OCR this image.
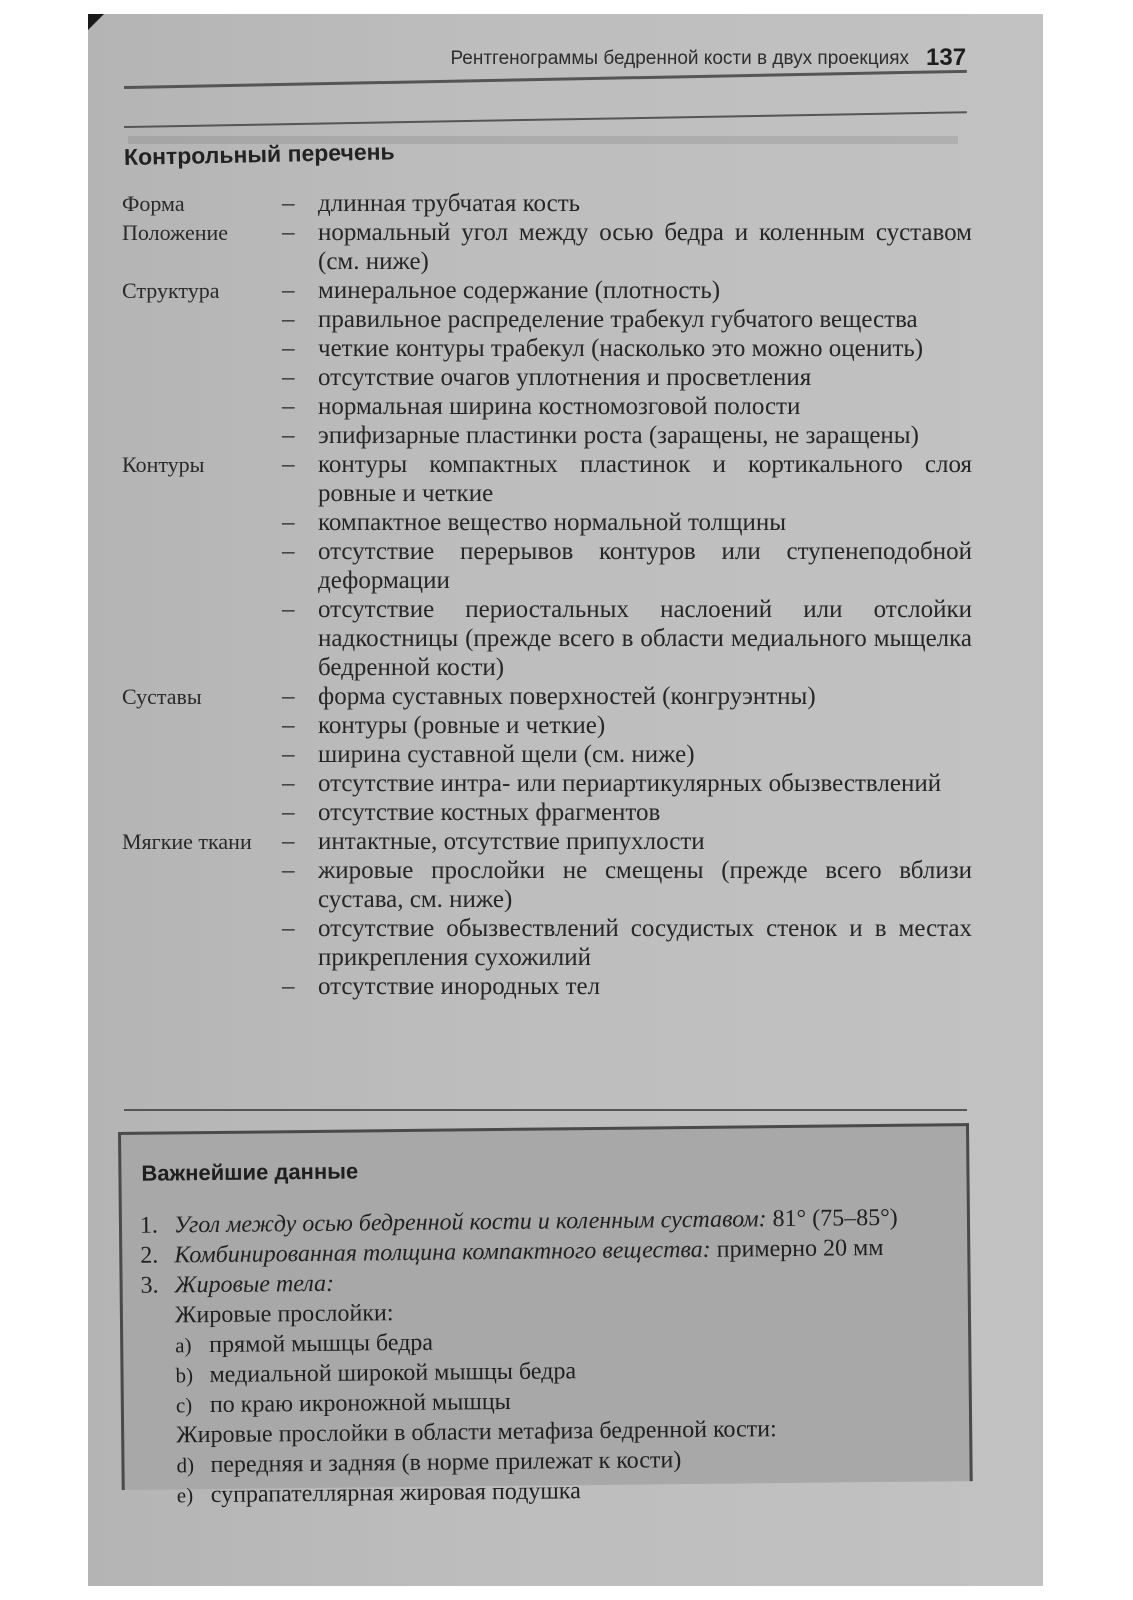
Рентгенограммы бедренной кости в двух проекциях 137
Контрольный перечень
Форма	– длинная трубчатая кость
Положение	– нормальный угол между осью бедра и коленным суставом (см. ниже)
Структура	– минеральное содержание (плотность)
– правильное распределение трабекул губчатого вещества
– четкие контуры трабекул (насколько это можно оценить)
– отсутствие очагов уплотнения и просветления
– нормальная ширина костномозговой полости
– эпифизарные пластинки роста (заращены, не заращены)
Контуры	– контуры компактных пластинок и кортикального слоя ровные и четкие
– компактное вещество нормальной толщины
– отсутствие перерывов контуров или ступенеподобной деформации
– отсутствие периостальных наслоений или отслойки надкостницы (прежде всего в области медиального мыщелка бедренной кости)
Суставы	– форма суставных поверхностей (конгруэнтны)
– контуры (ровные и четкие)
– ширина суставной щели (см. ниже)
– отсутствие интра- или периартикулярных обызвествлений
– отсутствие костных фрагментов
Мягкие ткани	– интактные, отсутствие припухлости
– жировые прослойки не смещены (прежде всего вблизи сустава, см. ниже)
– отсутствие обызвествлений сосудистых стенок и в местах прикрепления сухожилий
– отсутствие инородных тел
Важнейшие данные
1. Угол между осью бедренной кости и коленным суставом: 81° (75–85°)
2. Комбинированная толщина компактного вещества: примерно 20 мм
3. Жировые тела:
Жировые прослойки:
a) прямой мышцы бедра
b) медиальной широкой мышцы бедра
c) по краю икроножной мышцы
Жировые прослойки в области метафиза бедренной кости:
d) передняя и задняя (в норме прилежат к кости)
e) супрапателлярная жировая подушка
